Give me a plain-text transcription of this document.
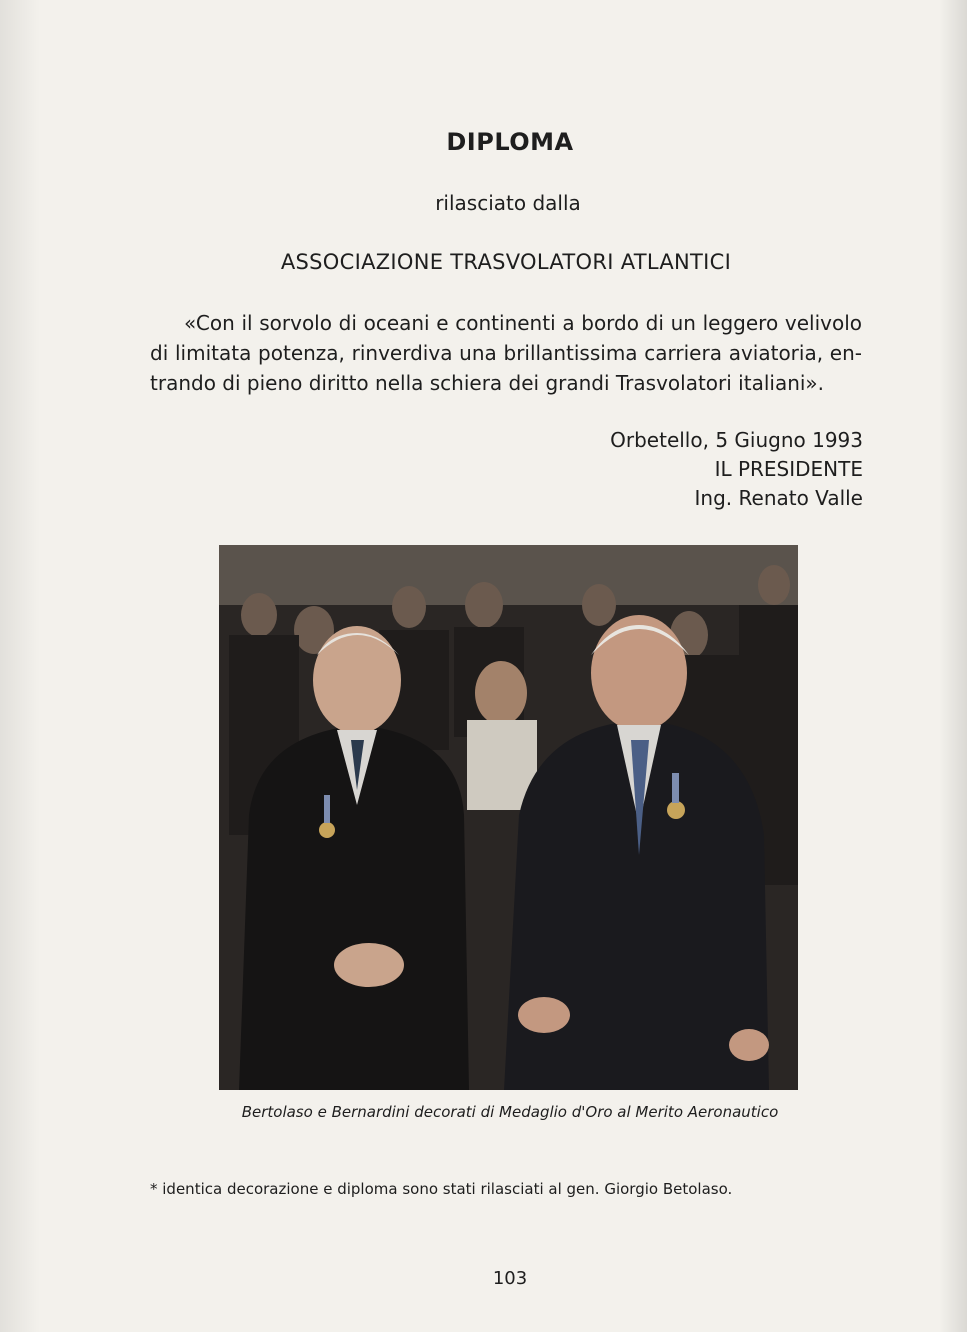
DIPLOMA
rilasciato dalla
ASSOCIAZIONE TRASVOLATORI ATLANTICI
«Con il sorvolo di oceani e continenti a bordo di un leggero velivolo di limitata potenza, rinverdiva una brillantissima carriera aviatoria, en-trando di pieno diritto nella schiera dei grandi Trasvolatori italiani».
Orbetello, 5 Giugno 1993
IL PRESIDENTE
Ing. Renato Valle
Bertolaso e Bernardini decorati di Medaglio d'Oro al Merito Aeronautico
* identica decorazione e diploma sono stati rilasciati al gen. Giorgio Betolaso.
103
